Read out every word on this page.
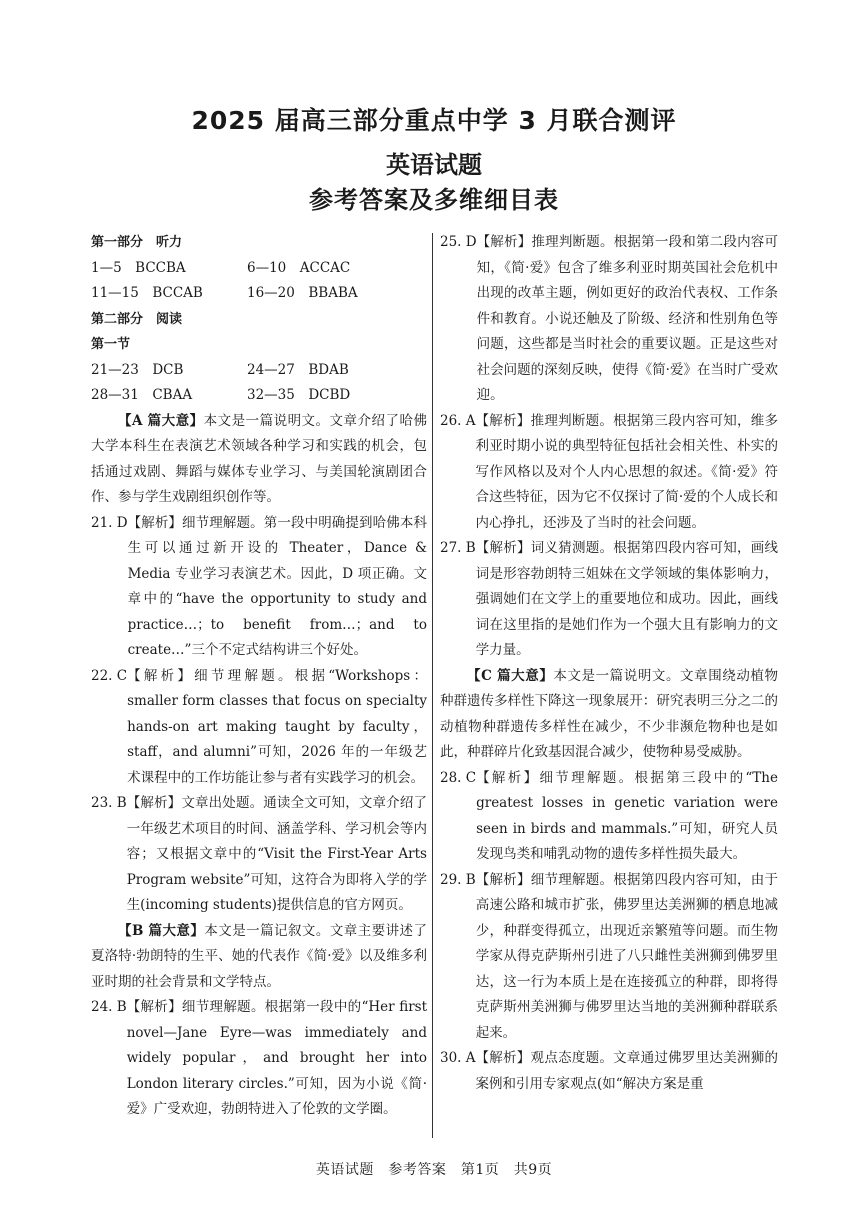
2025 届高三部分重点中学 3 月联合测评
英语试题
参考答案及多维细目表
第一部分　听力
1—5　BCCBA	6—10　ACCAC
11—15　BCCAB	16—20　BBABA
第二部分　阅读
第一节
21—23　DCB	24—27　BDAB
28—31　CBAA	32—35　DCBD
【A 篇大意】本文是一篇说明文。文章介绍了哈佛大学本科生在表演艺术领域各种学习和实践的机会，包括通过戏剧、舞蹈与媒体专业学习、与美国轮演剧团合作、参与学生戏剧组织创作等。
21. D 【解析】细节理解题。第一段中明确提到哈佛本科生可以通过新开设的 Theater，Dance & Media 专业学习表演艺术。因此，D 项正确。文章中的“have the opportunity to study and practice…；to benefit from…；and to create…”三个不定式结构讲三个好处。
22. C 【解析】细节理解题。根据“Workshops：smaller form classes that focus on specialty hands-on art making taught by faculty，staff，and alumni”可知，2026 年的一年级艺术课程中的工作坊能让参与者有实践学习的机会。
23. B 【解析】文章出处题。通读全文可知，文章介绍了一年级艺术项目的时间、涵盖学科、学习机会等内容；又根据文章中的“Visit the First-Year Arts Program website”可知，这符合为即将入学的学生(incoming students)提供信息的官方网页。
【B 篇大意】本文是一篇记叙文。文章主要讲述了夏洛特·勃朗特的生平、她的代表作《简·爱》以及维多利亚时期的社会背景和文学特点。
24. B 【解析】细节理解题。根据第一段中的“Her first novel—Jane Eyre—was immediately and widely popular，and brought her into London literary circles.”可知，因为小说《简·爱》广受欢迎，勃朗特进入了伦敦的文学圈。
25. D 【解析】推理判断题。根据第一段和第二段内容可知，《简·爱》包含了维多利亚时期英国社会危机中出现的改革主题，例如更好的政治代表权、工作条件和教育。小说还触及了阶级、经济和性别角色等问题，这些都是当时社会的重要议题。正是这些对社会问题的深刻反映，使得《简·爱》在当时广受欢迎。
26. A 【解析】推理判断题。根据第三段内容可知，维多利亚时期小说的典型特征包括社会相关性、朴实的写作风格以及对个人内心思想的叙述。《简·爱》符合这些特征，因为它不仅探讨了简·爱的个人成长和内心挣扎，还涉及了当时的社会问题。
27. B 【解析】词义猜测题。根据第四段内容可知，画线词是形容勃朗特三姐妹在文学领域的集体影响力，强调她们在文学上的重要地位和成功。因此，画线词在这里指的是她们作为一个强大且有影响力的文学力量。
【C 篇大意】本文是一篇说明文。文章围绕动植物种群遗传多样性下降这一现象展开：研究表明三分之二的动植物种群遗传多样性在减少，不少非濒危物种也是如此，种群碎片化致基因混合减少，使物种易受威胁。
28. C 【解析】细节理解题。根据第三段中的“The greatest losses in genetic variation were seen in birds and mammals.”可知，研究人员发现鸟类和哺乳动物的遗传多样性损失最大。
29. B 【解析】细节理解题。根据第四段内容可知，由于高速公路和城市扩张，佛罗里达美洲狮的栖息地减少，种群变得孤立，出现近亲繁殖等问题。而生物学家从得克萨斯州引进了八只雌性美洲狮到佛罗里达，这一行为本质上是在连接孤立的种群，即将得克萨斯州美洲狮与佛罗里达当地的美洲狮种群联系起来。
30. A 【解析】观点态度题。文章通过佛罗里达美洲狮的案例和引用专家观点(如“解决方案是重
英语试题　参考答案　第1页　共9页
